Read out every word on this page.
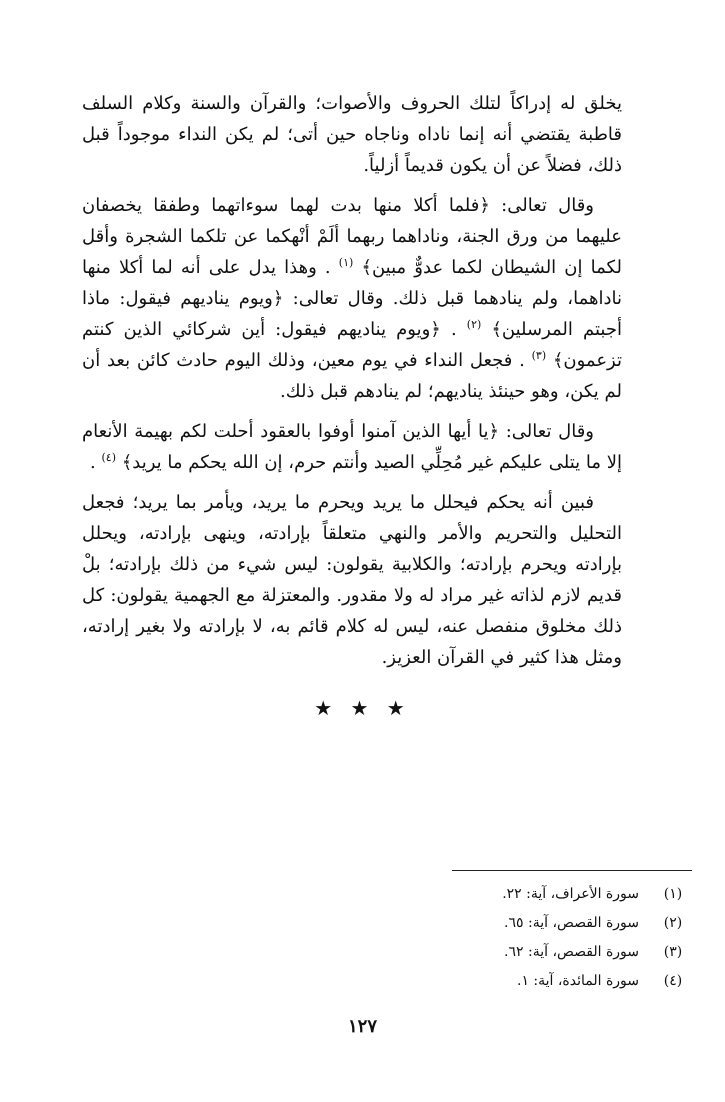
يخلق له إدراكاً لتلك الحروف والأصوات؛ والقرآن والسنة وكلام السلف قاطبة يقتضي أنه إنما ناداه وناجاه حين أتى؛ لم يكن النداء موجوداً قبل ذلك، فضلاً عن أن يكون قديماً أزلياً.

وقال تعالى: ﴿فلما أكلا منها بدت لهما سوءاتهما وطفقا يخصفان عليهما من ورق الجنة، وناداهما ربهما ألَمْ أنْهكما عن تلكما الشجرة وأقل لكما إن الشيطان لكما عدوٌّ مبين﴾ $^{(١)}$ . وهذا يدل على أنه لما أكلا منها ناداهما، ولم ينادهما قبل ذلك. وقال تعالى: ﴿ويوم يناديهم فيقول: ماذا أجبتم المرسلين﴾ $^{(٢)}$ . ﴿ويوم يناديهم فيقول: أين شركائي الذين كنتم تزعمون﴾ $^{(٣)}$ . فجعل النداء في يوم معين، وذلك اليوم حادث كائن بعد أن لم يكن، وهو حينئذ يناديهم؛ لم ينادهم قبل ذلك.

وقال تعالى: ﴿يا أيها الذين آمنوا أوفوا بالعقود أحلت لكم بهيمة الأنعام إلا ما يتلى عليكم غير مُحِلِّي الصيد وأنتم حرم، إن الله يحكم ما يريد﴾ $^{(٤)}$ .

فبين أنه يحكم فيحلل ما يريد ويحرم ما يريد، ويأمر بما يريد؛ فجعل التحليل والتحريم والأمر والنهي متعلقاً بإرادته، وينهى بإرادته، ويحلل بإرادته ويحرم بإرادته؛ والكلابية يقولون: ليس شيء من ذلك بإرادته؛ بلْ قديم لازم لذاته غير مراد له ولا مقدور. والمعتزلة مع الجهمية يقولون: كل ذلك مخلوق منفصل عنه، ليس له كلام قائم به، لا بإرادته ولا بغير إرادته، ومثل هذا كثير في القرآن العزيز.

★ ★ ★
(١)
سورة الأعراف، آية: ٢٢.
(٢)
سورة القصص، آية: ٦٥.
(٣)
سورة القصص، آية: ٦٢.
(٤)
سورة المائدة، آية: ١.
١٢٧
